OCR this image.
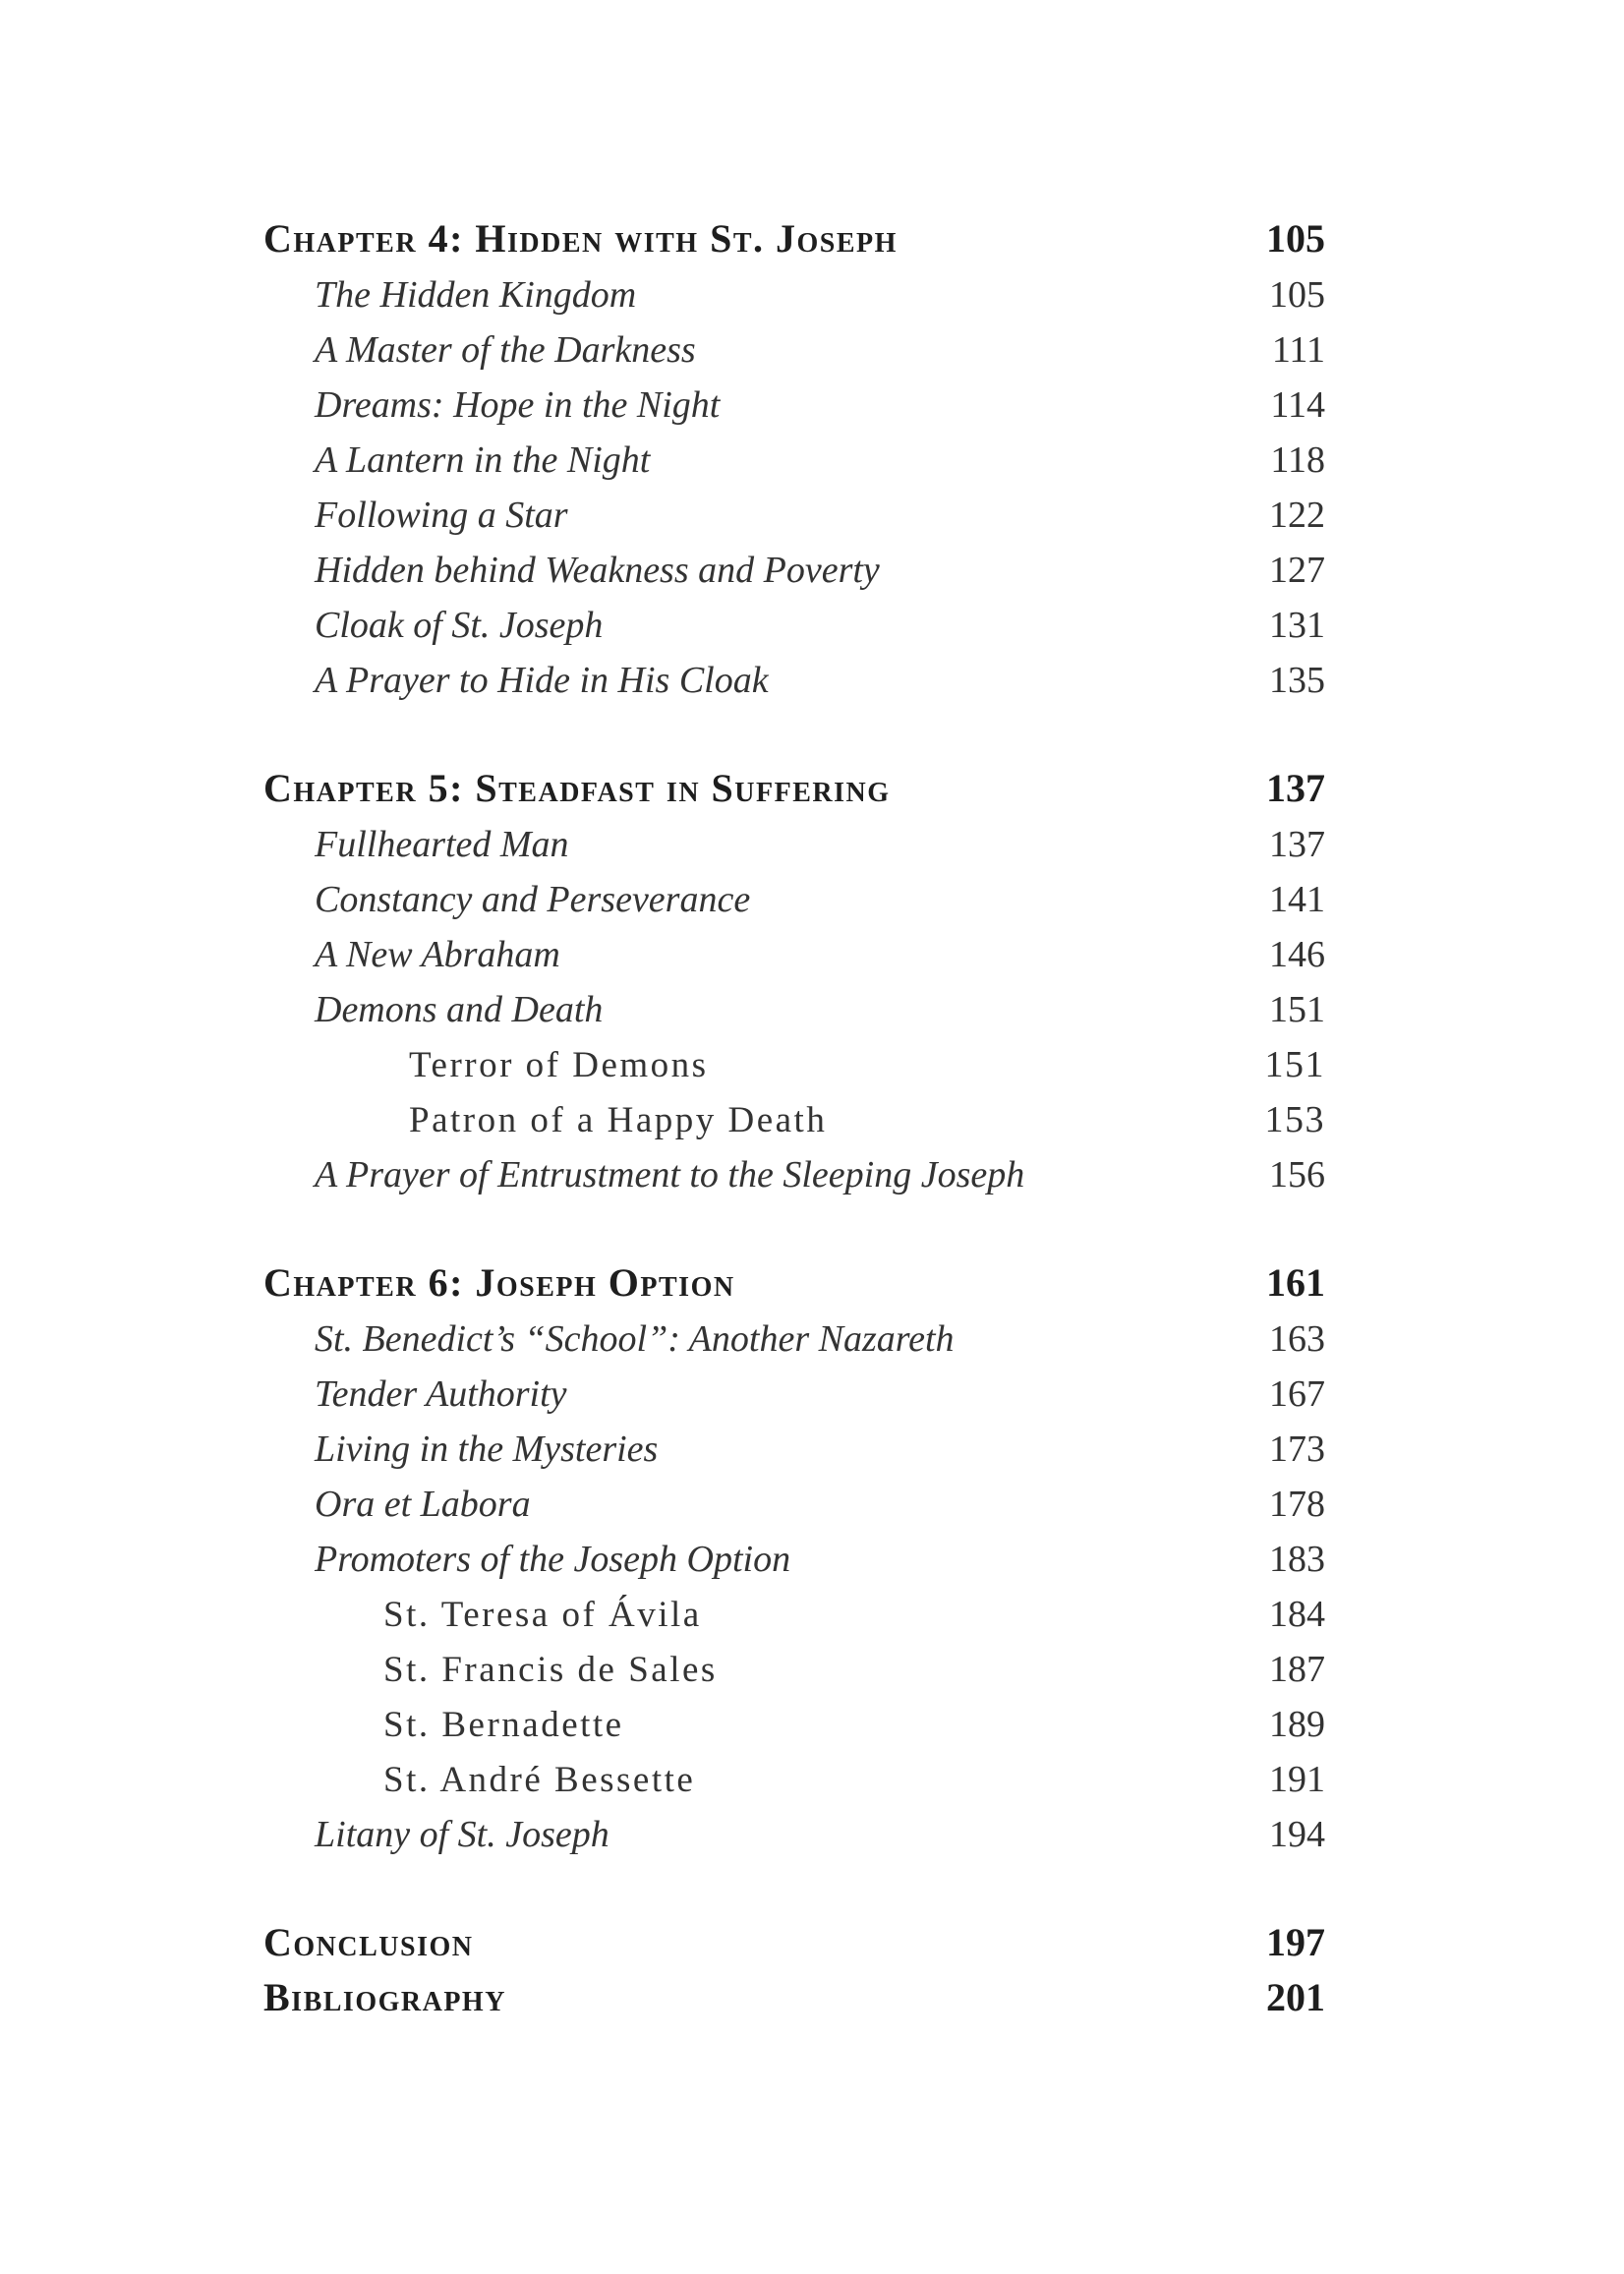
Chapter 4: Hidden with St. Joseph	105
The Hidden Kingdom	105
A Master of the Darkness	111
Dreams: Hope in the Night	114
A Lantern in the Night	118
Following a Star	122
Hidden behind Weakness and Poverty	127
Cloak of St. Joseph	131
A Prayer to Hide in His Cloak	135
Chapter 5: Steadfast in Suffering	137
Fullhearted Man	137
Constancy and Perseverance	141
A New Abraham	146
Demons and Death	151
Terror of Demons	151
Patron of a Happy Death	153
A Prayer of Entrustment to the Sleeping Joseph	156
Chapter 6: Joseph Option	161
St. Benedict’s “School”: Another Nazareth	163
Tender Authority	167
Living in the Mysteries	173
Ora et Labora	178
Promoters of the Joseph Option	183
St. Teresa of Ávila	184
St. Francis de Sales	187
St. Bernadette	189
St. André Bessette	191
Litany of St. Joseph	194
Conclusion	197
Bibliography	201
